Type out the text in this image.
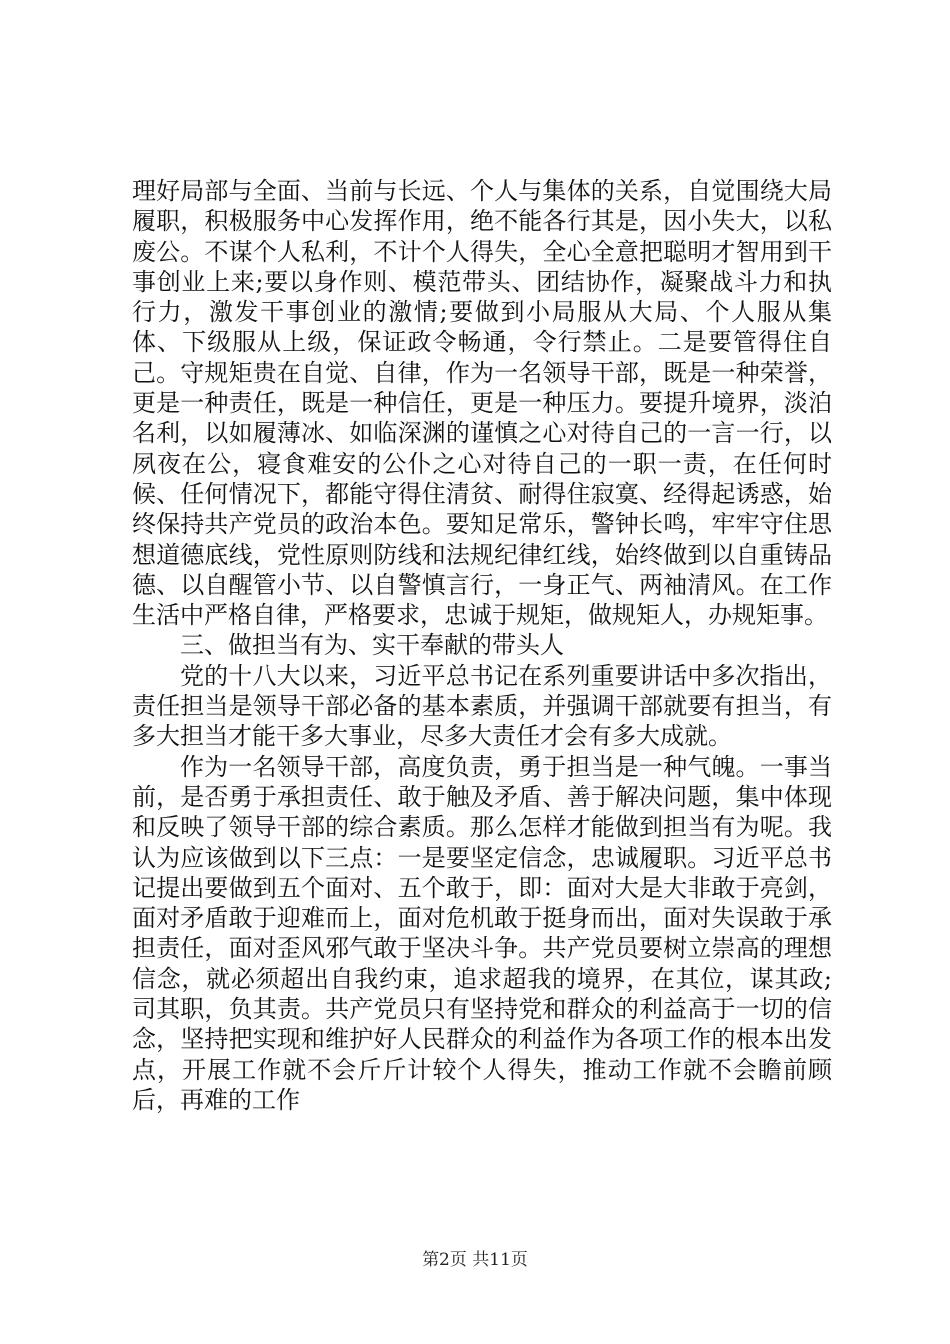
理好局部与全面、当前与长远、个人与集体的关系，自觉围绕大局履职，积极服务中心发挥作用，绝不能各行其是，因小失大，以私废公。不谋个人私利，不计个人得失，全心全意把聪明才智用到干事创业上来;要以身作则、模范带头、团结协作，凝聚战斗力和执行力，激发干事创业的激情;要做到小局服从大局、个人服从集体、下级服从上级，保证政令畅通，令行禁止。二是要管得住自己。守规矩贵在自觉、自律，作为一名领导干部，既是一种荣誉，更是一种责任，既是一种信任，更是一种压力。要提升境界，淡泊名利，以如履薄冰、如临深渊的谨慎之心对待自己的一言一行，以夙夜在公，寝食难安的公仆之心对待自己的一职一责，在任何时候、任何情况下，都能守得住清贫、耐得住寂寞、经得起诱惑，始终保持共产党员的政治本色。要知足常乐，警钟长鸣，牢牢守住思想道德底线，党性原则防线和法规纪律红线，始终做到以自重铸品德、以自醒管小节、以自警慎言行，一身正气、两袖清风。在工作生活中严格自律，严格要求，忠诚于规矩，做规矩人，办规矩事。

三、做担当有为、实干奉献的带头人

党的十八大以来，习近平总书记在系列重要讲话中多次指出，责任担当是领导干部必备的基本素质，并强调干部就要有担当，有多大担当才能干多大事业，尽多大责任才会有多大成就。

作为一名领导干部，高度负责，勇于担当是一种气魄。一事当前，是否勇于承担责任、敢于触及矛盾、善于解决问题，集中体现和反映了领导干部的综合素质。那么怎样才能做到担当有为呢。我认为应该做到以下三点：一是要坚定信念，忠诚履职。习近平总书记提出要做到五个面对、五个敢于，即：面对大是大非敢于亮剑，面对矛盾敢于迎难而上，面对危机敢于挺身而出，面对失误敢于承担责任，面对歪风邪气敢于坚决斗争。共产党员要树立崇高的理想信念，就必须超出自我约束，追求超我的境界，在其位，谋其政;司其职，负其责。共产党员只有坚持党和群众的利益高于一切的信念，坚持把实现和维护好人民群众的利益作为各项工作的根本出发点，开展工作就不会斤斤计较个人得失，推动工作就不会瞻前顾后，再难的工作

第2页 共11页
